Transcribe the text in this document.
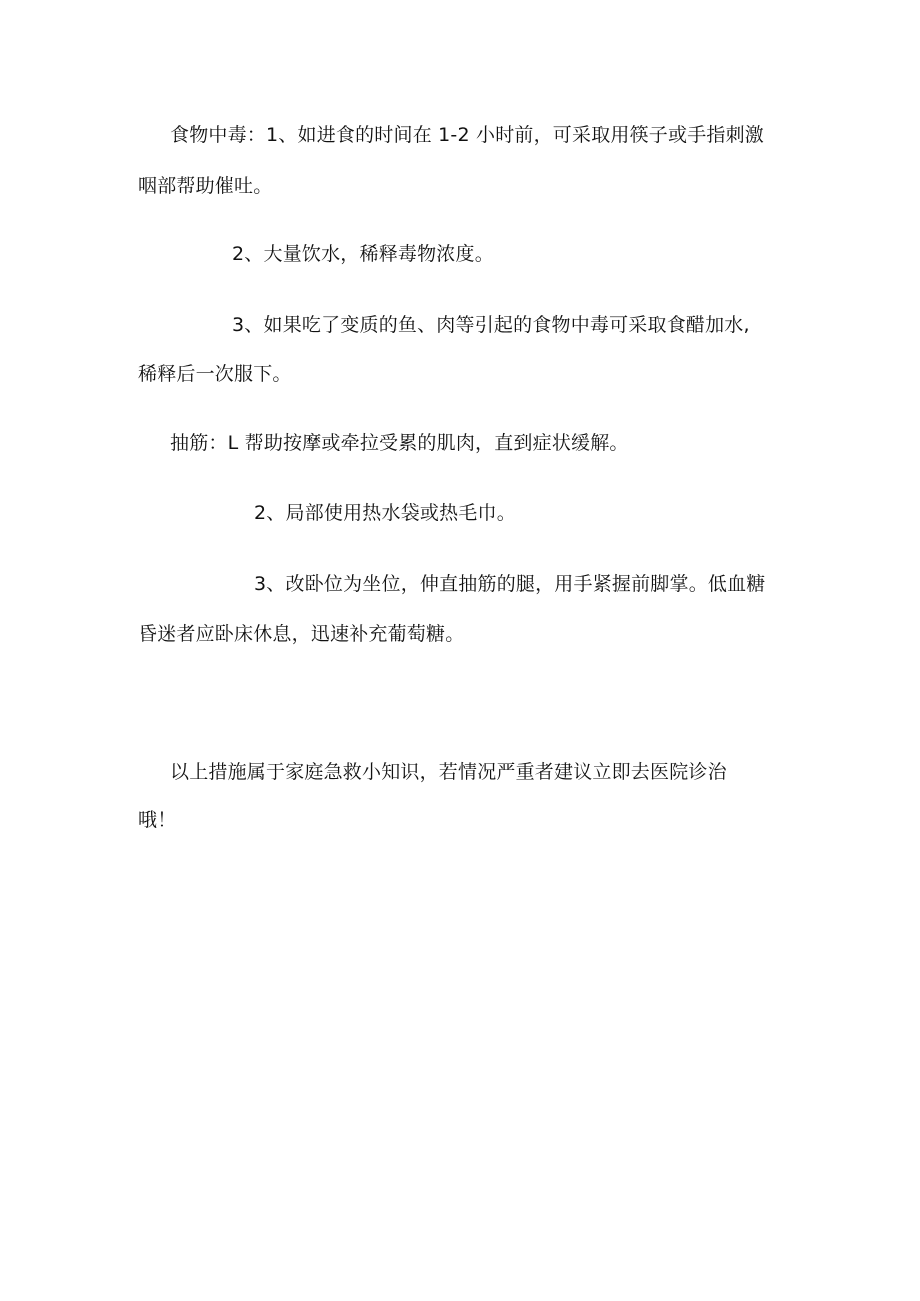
食物中毒：1、如进食的时间在 1-2 小时前，可采取用筷子或手指刺激
咽部帮助催吐。
2、大量饮水，稀释毒物浓度。
3、如果吃了变质的鱼、肉等引起的食物中毒可采取食醋加水,
稀释后一次服下。
抽筋：L 帮助按摩或牵拉受累的肌肉，直到症状缓解。
2、局部使用热水袋或热毛巾。
3、改卧位为坐位，伸直抽筋的腿，用手紧握前脚掌。低血糖
昏迷者应卧床休息，迅速补充葡萄糖。
以上措施属于家庭急救小知识，若情况严重者建议立即去医院诊治
哦！
